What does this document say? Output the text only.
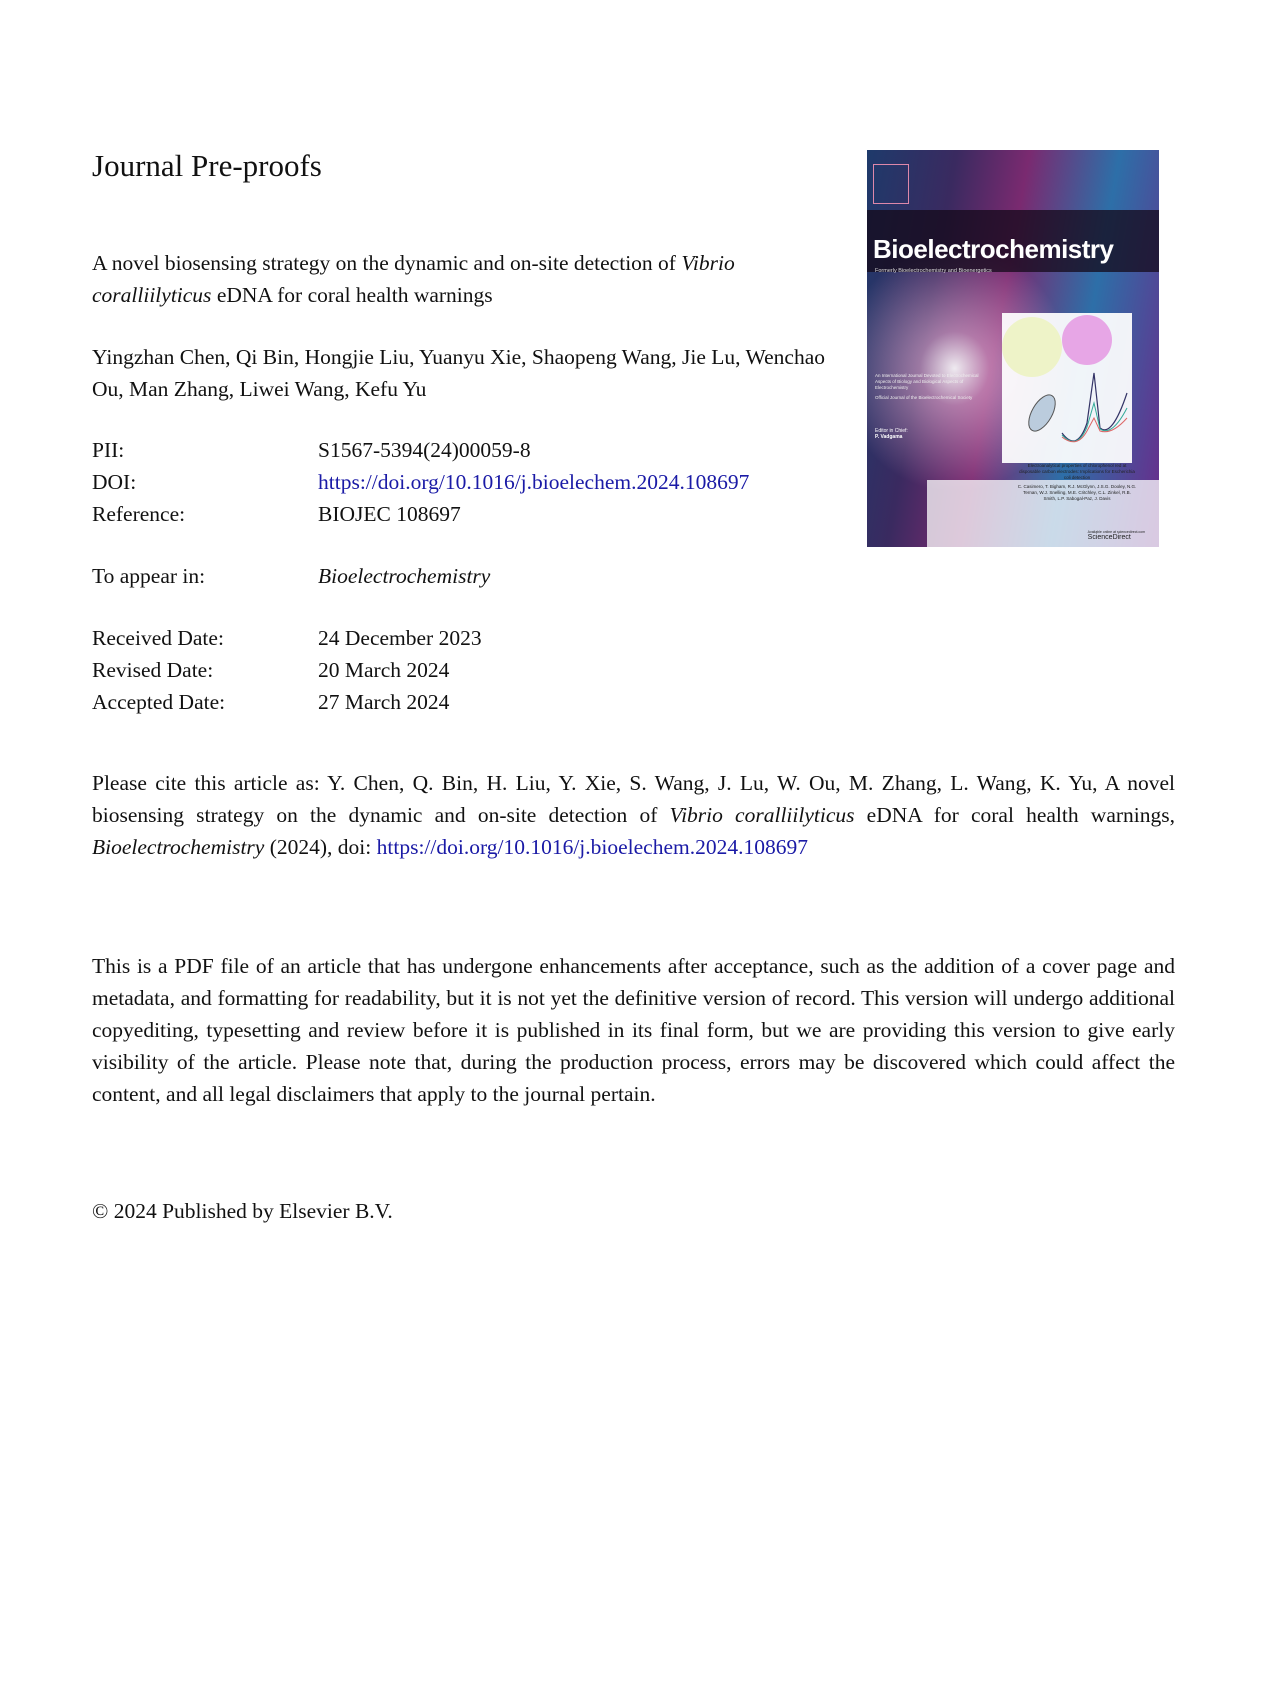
Journal Pre-proofs
A novel biosensing strategy on the dynamic and on-site detection of Vibrio coralliilyticus eDNA for coral health warnings
Yingzhan Chen, Qi Bin, Hongjie Liu, Yuanyu Xie, Shaopeng Wang, Jie Lu, Wenchao Ou, Man Zhang, Liwei Wang, Kefu Yu
PII:	S1567-5394(24)00059-8
DOI:	https://doi.org/10.1016/j.bioelechem.2024.108697
Reference:	BIOJEC 108697
To appear in:	Bioelectrochemistry
Received Date:	24 December 2023
Revised Date:	20 March 2024
Accepted Date:	27 March 2024
Please cite this article as: Y. Chen, Q. Bin, H. Liu, Y. Xie, S. Wang, J. Lu, W. Ou, M. Zhang, L. Wang, K. Yu, A novel biosensing strategy on the dynamic and on-site detection of Vibrio coralliilyticus eDNA for coral health warnings, Bioelectrochemistry (2024), doi: https://doi.org/10.1016/j.bioelechem.2024.108697
This is a PDF file of an article that has undergone enhancements after acceptance, such as the addition of a cover page and metadata, and formatting for readability, but it is not yet the definitive version of record. This version will undergo additional copyediting, typesetting and review before it is published in its final form, but we are providing this version to give early visibility of the article. Please note that, during the production process, errors may be discovered which could affect the content, and all legal disclaimers that apply to the journal pertain.
© 2024 Published by Elsevier B.V.
Bioelectrochemistry
Formerly Bioelectrochemistry and Bioenergetics
An International Journal Devoted to Electrochemical Aspects of Biology and Biological Aspects of Electrochemistry
Official Journal of the Bioelectrochemical Society
Editor in Chief:
P. Vadgama
Electroanalytical properties of chlorophenol red at disposable carbon electrodes: Implications for Escherichia coli detection
C. Casimero, T. Bigham, R.J. McGlynn, J.S.G. Dooley, N.G. Ternan, W.J. Snelling, M.E. Critchley, C.L. Zinkel, R.B. Smith, L.P. Sabogal-Paz, J. Davis
Available online at sciencedirect.com
ScienceDirect
